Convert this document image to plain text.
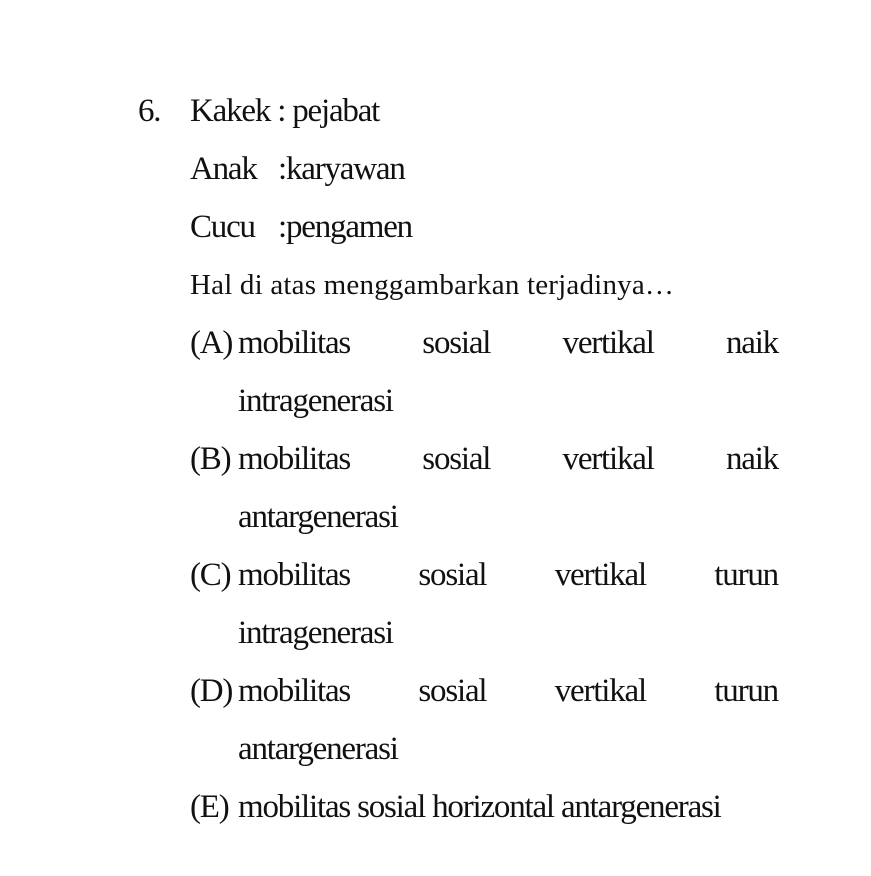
6. Kakek : pejabat
Anak : karyawan
Cucu : pengamen
Hal di atas menggambarkan terjadinya…
(A) mobilitas sosial vertikal naik
intragenerasi
(B) mobilitas sosial vertikal naik
antargenerasi
(C) mobilitas sosial vertikal turun
intragenerasi
(D) mobilitas sosial vertikal turun
antargenerasi
(E) mobilitas sosial horizontal antargenerasi
